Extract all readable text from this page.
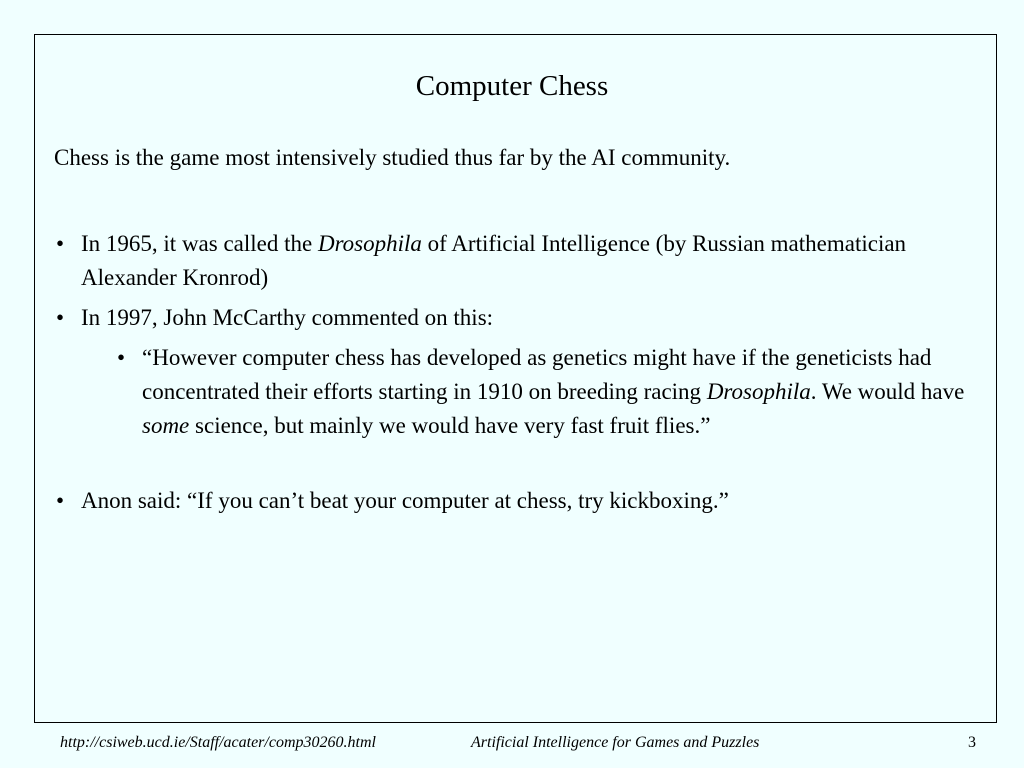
Computer Chess
Chess is the game most intensively studied thus far by the AI community.
• In 1965, it was called the Drosophila of Artificial Intelligence (by Russian mathematician Alexander Kronrod)
• In 1997, John McCarthy commented on this:
• “However computer chess has developed as genetics might have if the geneticists had concentrated their efforts starting in 1910 on breeding racing Drosophila. We would have some science, but mainly we would have very fast fruit flies.”
• Anon said: “If you can’t beat your computer at chess, try kickboxing.”
http://csiweb.ucd.ie/Staff/acater/comp30260.html	Artificial Intelligence for Games and Puzzles	3
